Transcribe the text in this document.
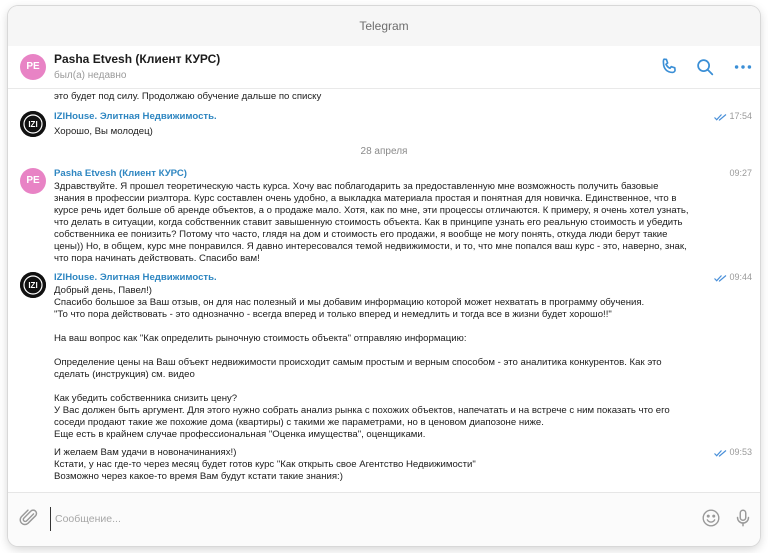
Telegram
PE
Pasha Etvesh (Клиент КУРС)
был(а) недавно
это будет под силу. Продолжаю обучение дальше по списку
IZI
IZIHouse. Элитная Недвижимость.	17:54
Хорошо, Вы молодец)
28 апреля
PE
Pasha Etvesh (Клиент КУРС)	09:27
Здравствуйте. Я прошел теоретическую часть курса. Хочу вас поблагодарить за предоставленную мне возможность получить базовые
знания в профессии риэлтора. Курс составлен очень удобно, а выкладка материала простая и понятная для новичка. Единственное, что в
курсе речь идет больше об аренде объектов, а о продаже мало. Хотя, как по мне, эти процессы отличаются. К примеру, я очень хотел узнать,
что делать в ситуации, когда собственник ставит завышенную стоимость объекта. Как в принципе узнать его реальную стоимость и убедить
собственника ее понизить? Потому что часто, глядя на дом и стоимость его продажи, я вообще не могу понять, откуда люди берут такие
цены)) Но, в общем, курс мне понравился. Я давно интересовался темой недвижимости, и то, что мне попался ваш курс - это, наверно, знак,
что пора начинать действовать. Спасибо вам!
IZI
IZIHouse. Элитная Недвижимость.	09:44
Добрый день, Павел!)
Спасибо большое за Ваш отзыв, он для нас полезный и мы добавим информацию которой может нехватать в программу обучения.
"То что пора действовать - это однозначно - всегда вперед и только вперед и немедлить и тогда все в жизни будет хорошо!!"
На ваш вопрос как "Как определить рыночную стоимость объекта" отправляю информацию:
Определение цены на Ваш объект недвижимости происходит самым простым и верным способом - это аналитика конкурентов. Как это
сделать (инструкция) см. видео
Как убедить собственника снизить цену?
У Вас должен быть аргумент. Для этого нужно собрать анализ рынка с похожих объектов, напечатать и на встрече с ним показать что его
соседи продают такие же похожие дома (квартиры) с такими же параметрами, но в ценовом диапозоне ниже.
Еще есть в крайнем случае профессиональная "Оценка имущества", оценщиками.
09:53
И желаем Вам удачи в новоначинаниях!)
Кстати, у нас где-то через месяц будет готов курс "Как открыть свое Агентство Недвижимости"
Возможно через какое-то время Вам будут кстати такие знания:)
Сообщение...
